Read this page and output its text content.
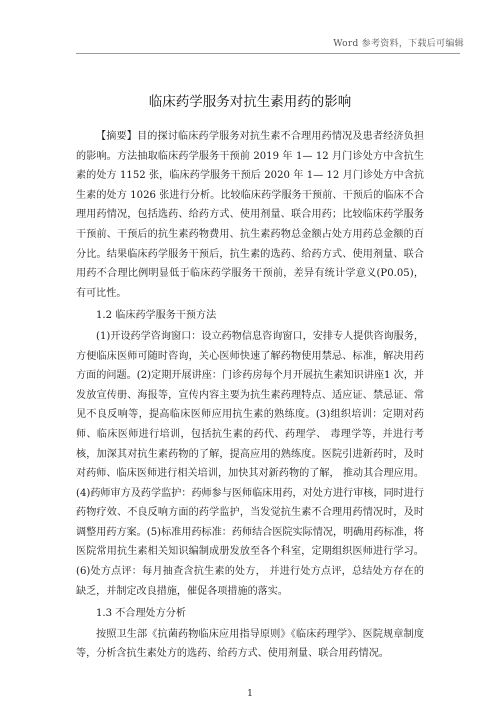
Word 参考资料，下载后可编辑
临床药学服务对抗生素用药的影响

【摘要】目的探讨临床药学服务对抗生素不合理用药情况及患者经济负担的影响。方法抽取临床药学服务干预前 2019 年 1— 12 月门诊处方中含抗生素的处方 1152 张，临床药学服务干预后 2020 年 1— 12 月门诊处方中含抗生素的处方 1026 张进行分析。比较临床药学服务干预前、干预后的临床不合理用药情况，包括选药、给药方式、使用剂量、联合用药；比较临床药学服务干预前、干预后的抗生素药物费用、抗生素药物总金额占处方用药总金额的百分比。结果临床药学服务干预后，抗生素的选药、给药方式、使用剂量、联合用药不合理比例明显低于临床药学服务干预前，差异有统计学意义(P0.05)，有可比性。

1.2 临床药学服务干预方法

(1)开设药学咨询窗口：设立药物信息咨询窗口，安排专人提供咨询服务，方便临床医师可随时咨询，关心医师快速了解药物使用禁忌、标准，解决用药方面的问题。(2)定期开展讲座：门诊药房每个月开展抗生素知识讲座1 次，并发放宣传册、海报等，宣传内容主要为抗生素药理特点、适应证、禁忌证、常见不良反响等，提高临床医师应用抗生素的熟练度。(3)组织培训：定期对药师、临床医师进行培训，包括抗生素的药代、药理学、 毒理学等，并进行考核，加深其对抗生素药物的了解，提高应用的熟练度。医院引进新药时，及时对药师、临床医师进行相关培训，加快其对新药物的了解， 推动其合理应用。(4)药师审方及药学监护：药师参与医师临床用药，对处方进行审核，同时进行药物疗效、不良反响方面的药学监护，当发觉抗生素不合理用药情况时，及时调整用药方案。(5)标准用药标准：药师结合医院实际情况，明确用药标准，将医院常用抗生素相关知识编制成册发放至各个科室，定期组织医师进行学习。(6)处方点评：每月抽查含抗生素的处方， 并进行处方点评，总结处方存在的缺乏，并制定改良措施，催促各项措施的落实。

1.3 不合理处方分析

按照卫生部《抗菌药物临床应用指导原则》《临床药理学》、医院规章制度等，分析含抗生素处方的选药、给药方式、使用剂量、联合用药情况。

1
